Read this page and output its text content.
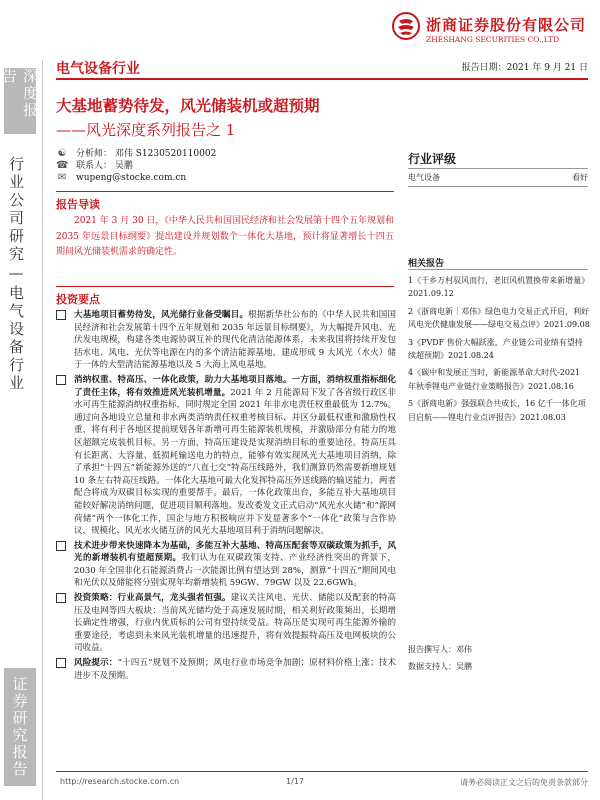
浙商证券股份有限公司
ZHESHANG SECURITIES CO.,LTD
电气设备行业	报告日期：2021 年 9 月 21 日
深度报告
行业公司研究—电气设备行业
证券研究报告
大基地蓄势待发，风光储装机或超预期
——风光深度系列报告之 1
☯ 分析师： 邓伟 S1230520110002
☎ 联系人： 吴鹏
✉ wupeng@stocke.com.cn
报告导读

2021 年 3 月 30 日，《中华人民共和国国民经济和社会发展第十四个五年规划和 2035 年远景目标纲要》提出建设并规划数个一体化大基地，预计将显著增长十四五期间风光储装机需求的确定性。

投资要点
大基地项目蓄势待发，风光储行业备受瞩目。根据新华社公布的《中华人民共和国国民经济和社会发展第十四个五年规划和 2035 年远景目标纲要》，为大幅提升风电、光伏发电规模，构建各类电源协调互补的现代化清洁能源体系，未来我国将持续开发包括水电、风电、光伏等电源在内的多个清洁能源基地，建成形成 9 大风光（水火）储于一体的大型清洁能源基地以及 5 大海上风电基地。
消纳权重、特高压、一体化政策，助力大基地项目落地。一方面，消纳权重指标细化了责任主体，将有效推进风光装机增量。2021 年 2 月能源局下发了各省级行政区非水可再生能源消纳权重指标，同时规定全国 2021 年非水电责任权重最低为 12.7%。通过向各地设立总量和非水两类消纳责任权重考核目标、并区分最低权重和激励性权重，将有利于各地区提前规划各年新增可再生能源装机规模，并激励部分有能力的地区超额完成装机目标。另一方面，特高压建设是实现消纳目标的重要途径。特高压具有长距离、大容量、低损耗输送电力的特点，能够有效实现风光大基地项目消纳，除了承担“十四五”新能源外送的“八直七交”特高压线路外，我们测算仍然需要新增规划 10 条左右特高压线路。一体化大基地可最大化发挥特高压外送线路的输送能力，两者配合将成为双碳目标实现的重要帮手。最后，一体化政策出台，多能互补大基地项目能较好解决消纳问题，促进项目顺利落地。发改委发文正式启动“风光水火储”和“源网荷储”两个一体化工作，国企与地方积极响应并下发显著多个“一体化”政策与合作协议，规模化、风光水火储互济的风光大基地项目利于消纳问题解决。
技术进步带来快速降本为基础，多能互补大基地、特高压配套等双碳政策为抓手，风光的新增装机有望超预期。我们认为在双碳政策支持、产业经济性突出的背景下，2030 年全国非化石能源消费占一次能源比例有望达到 28%，测算“十四五”期间风电和光伏以及储能将分别实现年均新增装机 59GW、79GW 以及 22.6GWh。
投资策略：行业高景气，龙头强者恒强。建议关注风电、光伏、储能以及配套的特高压及电网等四大板块：当前风光储均处于高速发展时期，相关利好政策频出，长期增长确定性增强，行业内优质标的公司有望持续受益。特高压是实现可再生能源外输的重要途径，考虑到未来风光装机增量的迅速提升，将有效提振特高压及电网板块的公司收益。
风险提示：“十四五”规划不及预期；风电行业市场竞争加剧；原材料价格上涨；技术进步不及预期。
行业评级
电气设备	看好
相关报告
1《千乡万村驭风而行，老旧风机置换带来新增量》2021.09.12
2《浙商电新｜邓伟》绿色电力交易正式开启，利好风电光伏健康发展——绿电交易点评》2021.09.08
3《PVDF 售价大幅跃涨，产业链公司业绩有望持续超预期》2021.08.24
4《碳中和发展正当时，新能源革命大时代-2021 年秋季锂电产业链行业策略报告》2021.08.16
5《浙商电新》强强联合共成长，16 亿千一体化项目启航——锂电行业点评报告》2021.08.03
报告撰写人：邓伟
数据支持人：吴鹏
http://research.stocke.com.cn	1/17	请务必阅读正文之后的免责条款部分
